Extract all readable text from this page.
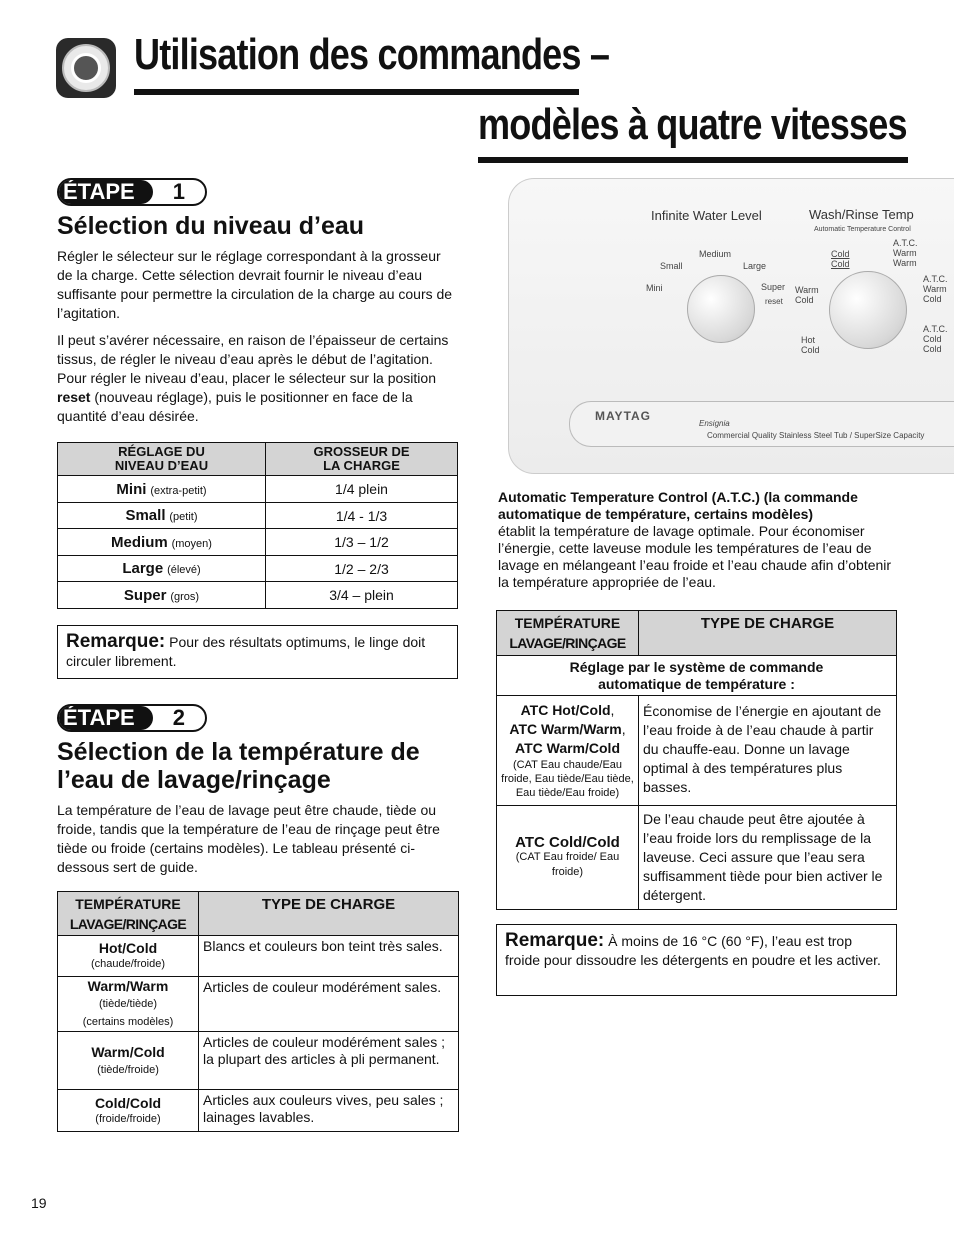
Utilisation des commandes –
modèles à quatre vitesses
ÉTAPE	1
Sélection du niveau d’eau

Régler le sélecteur sur le réglage correspondant à la grosseur de la charge. Cette sélection devrait fournir le niveau d’eau suffisante pour permettre la circulation de la charge au cours de l’agitation.

Il peut s’avérer nécessaire, en raison de l’épaisseur de certains tissus, de régler le niveau d’eau après le début de l’agitation. Pour régler le niveau d’eau, placer le sélecteur sur la position reset (nouveau réglage), puis le positionner en face de la quantité d’eau désirée.

RÉGLAGE DU
NIVEAU D’EAU	GROSSEUR DE
LA CHARGE
Mini (extra-petit)	1/4 plein
Small (petit)	1/4 - 1/3
Medium (moyen)	1/3 – 1/2
Large (élevé)	1/2 – 2/3
Super (gros)	3/4 – plein
Remarque: Pour des résultats optimums, le linge doit circuler librement.
ÉTAPE	2
Sélection de la température de
l’eau de lavage/rinçage

La température de l’eau de lavage peut être chaude, tiède ou froide, tandis que la température de l’eau de rinçage peut être tiède ou froide (certains modèles). Le tableau présenté ci-dessous sert de guide.

TEMPÉRATURE
LAVAGE/RINÇAGE	TYPE DE CHARGE
Hot/Cold
(chaude/froide)	Blancs et couleurs bon teint très sales.
Warm/Warm
(tiède/tiède)
(certains modèles)	Articles de couleur modérément sales.
Warm/Cold
(tiède/froide)	Articles de couleur modérément sales ; la plupart des articles à pli permanent.
Cold/Cold
(froide/froide)	Articles aux couleurs vives, peu sales ; lainages lavables.
Infinite Water Level	Wash/Rinse Temp
Automatic Temperature Control
Medium
Small	Large
Mini	Super
reset
Cold
Cold
A.T.C.
Warm
Warm
Warm
Cold
Hot
Cold
A.T.C.
Warm
Cold
A.T.C.
Cold
Cold
MAYTAG
Ensignia
Commercial Quality Stainless Steel Tub / SuperSize Capacity

Automatic Temperature Control (A.T.C.) (la commande automatique de température, certains modèles)
établit la température de lavage optimale. Pour économiser l’énergie, cette laveuse module les températures de l’eau de lavage en mélangeant l’eau froide et l’eau chaude afin d’obtenir la température appropriée de l’eau.

TEMPÉRATURE
LAVAGE/RINÇAGE	TYPE DE CHARGE
Réglage par le système de commande
automatique de température :	
ATC Hot/Cold,
ATC Warm/Warm,
ATC Warm/Cold

(CAT Eau chaude/Eau froide, Eau tiède/Eau tiède, Eau tiède/Eau froide)	Économise de l’énergie en ajoutant de l’eau froide à de l’eau chaude à partir du chauffe-eau. Donne un lavage optimal à des températures plus basses.
ATC Cold/Cold

(CAT Eau froide/ Eau froide)	De l’eau chaude peut être ajoutée à l’eau froide lors du remplissage de la laveuse. Ceci assure que l’eau sera suffisamment tiède pour bien activer le détergent.
Remarque: À moins de 16 °C (60 °F), l’eau est trop froide pour dissoudre les détergents en poudre et les activer.
19
